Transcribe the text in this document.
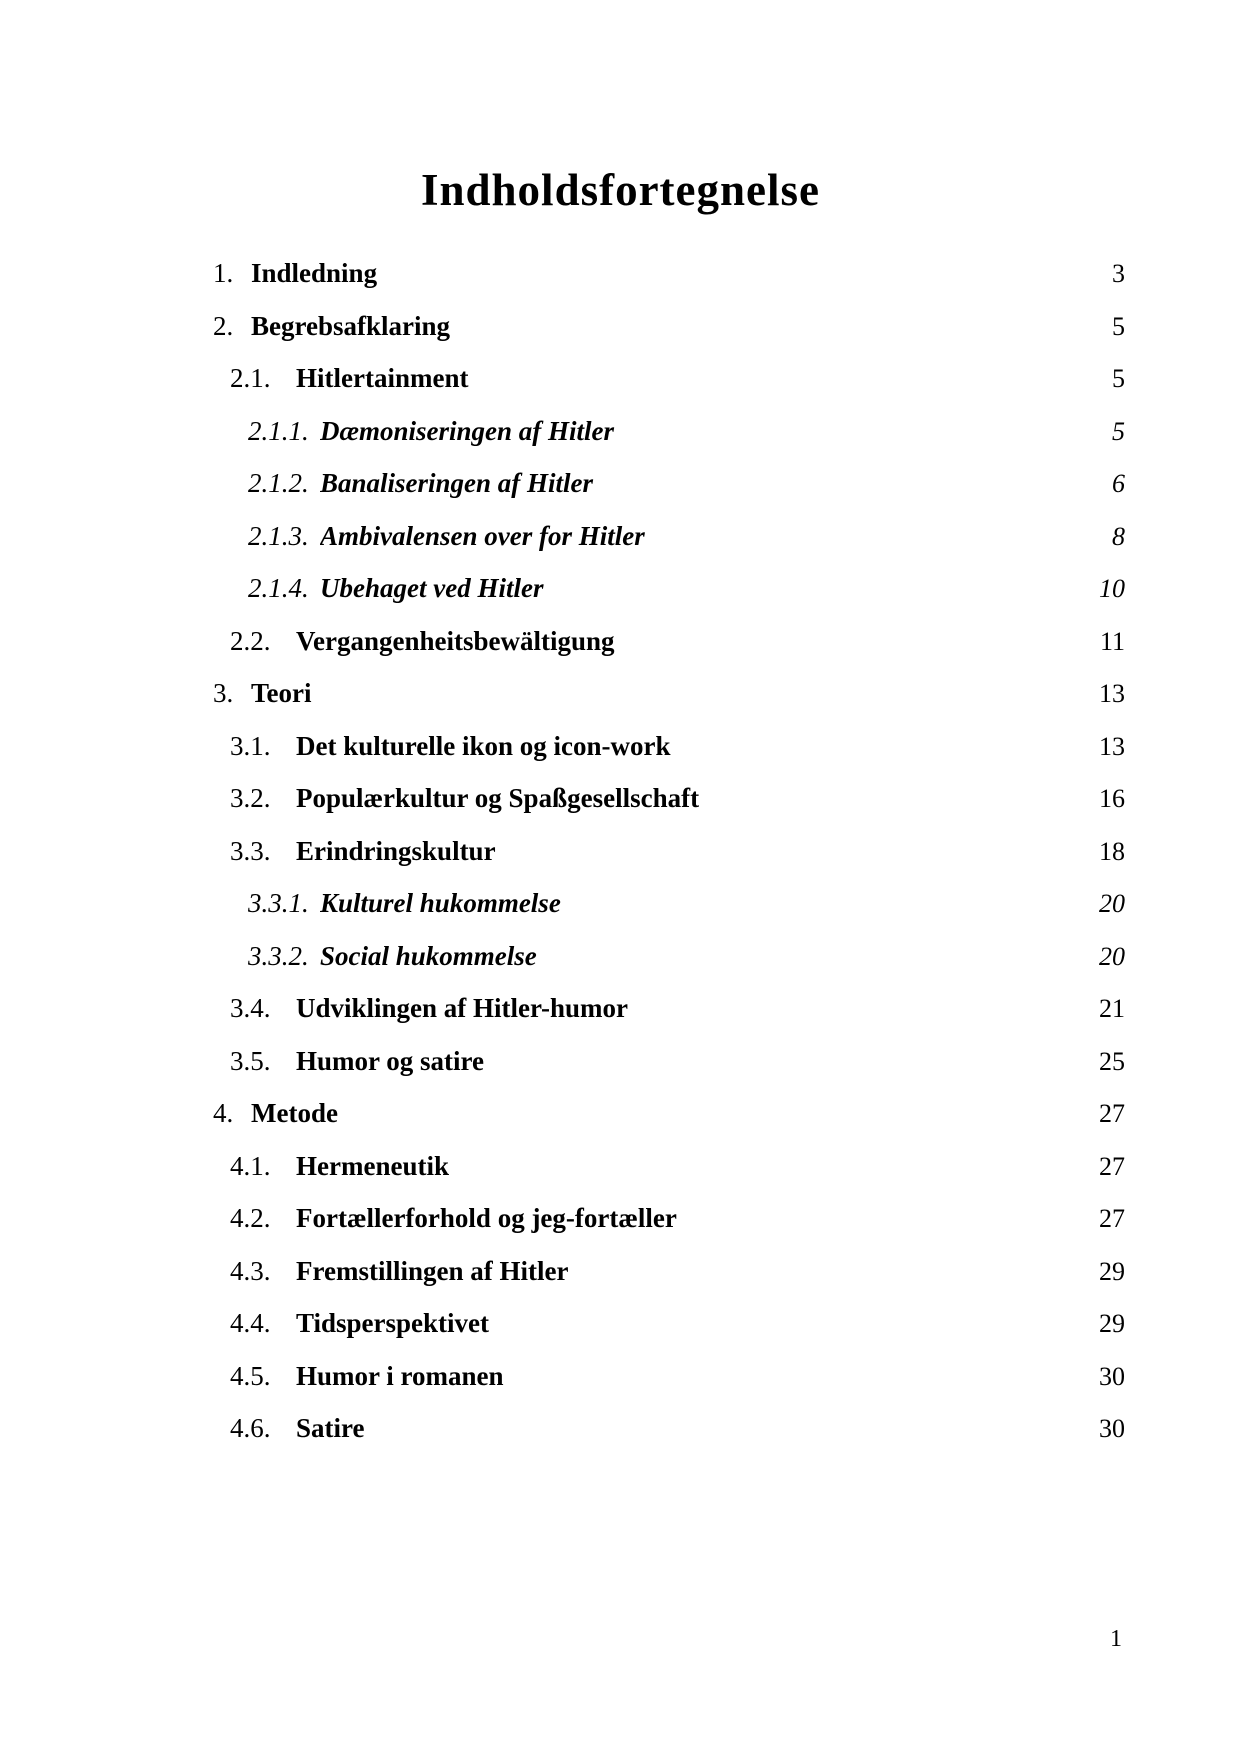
Indholdsfortegnelse
1. Indledning	3
2. Begrebsafklaring	5
2.1. Hitlertainment	5
2.1.1. Dæmoniseringen af Hitler	5
2.1.2. Banaliseringen af Hitler	6
2.1.3. Ambivalensen over for Hitler	8
2.1.4. Ubehaget ved Hitler	10
2.2. Vergangenheitsbewältigung	11
3. Teori	13
3.1. Det kulturelle ikon og icon-work	13
3.2. Populærkultur og Spaßgesellschaft	16
3.3. Erindringskultur	18
3.3.1. Kulturel hukommelse	20
3.3.2. Social hukommelse	20
3.4. Udviklingen af Hitler-humor	21
3.5. Humor og satire	25
4. Metode	27
4.1. Hermeneutik	27
4.2. Fortællerforhold og jeg-fortæller	27
4.3. Fremstillingen af Hitler	29
4.4. Tidsperspektivet	29
4.5. Humor i romanen	30
4.6. Satire	30
1
